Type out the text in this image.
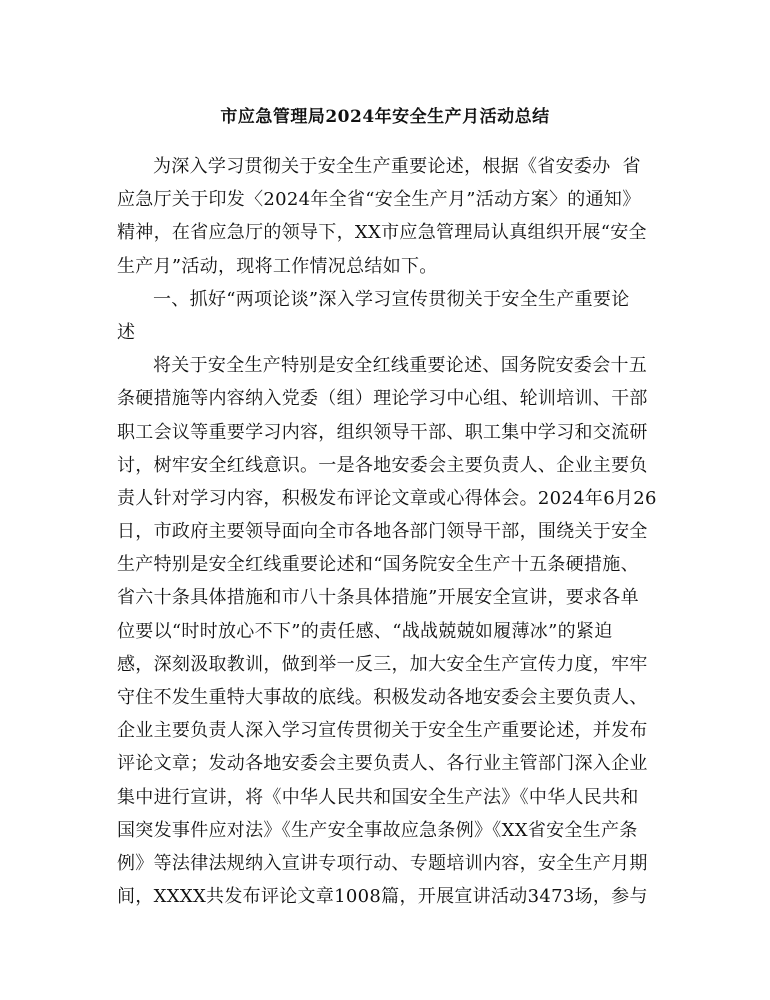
市应急管理局2024年安全生产月活动总结
为深入学习贯彻关于安全生产重要论述，根据《省安委办  省
应急厅关于印发〈2024年全省“安全生产月”活动方案〉的通知》
精神，在省应急厅的领导下，XX市应急管理局认真组织开展“安全
生产月”活动，现将工作情况总结如下。
一、抓好“两项论谈”深入学习宣传贯彻关于安全生产重要论
述
将关于安全生产特别是安全红线重要论述、国务院安委会十五
条硬措施等内容纳入党委（组）理论学习中心组、轮训培训、干部
职工会议等重要学习内容，组织领导干部、职工集中学习和交流研
讨，树牢安全红线意识。一是各地安委会主要负责人、企业主要负
责人针对学习内容，积极发布评论文章或心得体会。2024年6月26
日，市政府主要领导面向全市各地各部门领导干部，围绕关于安全
生产特别是安全红线重要论述和“国务院安全生产十五条硬措施、
省六十条具体措施和市八十条具体措施”开展安全宣讲，要求各单
位要以“时时放心不下”的责任感、“战战兢兢如履薄冰”的紧迫
感，深刻汲取教训，做到举一反三，加大安全生产宣传力度，牢牢
守住不发生重特大事故的底线。积极发动各地安委会主要负责人、
企业主要负责人深入学习宣传贯彻关于安全生产重要论述，并发布
评论文章；发动各地安委会主要负责人、各行业主管部门深入企业
集中进行宣讲，将《中华人民共和国安全生产法》《中华人民共和
国突发事件应对法》《生产安全事故应急条例》《XX省安全生产条
例》等法律法规纳入宣讲专项行动、专题培训内容，安全生产月期
间，XXXX共发布评论文章1008篇，开展宣讲活动3473场，参与
